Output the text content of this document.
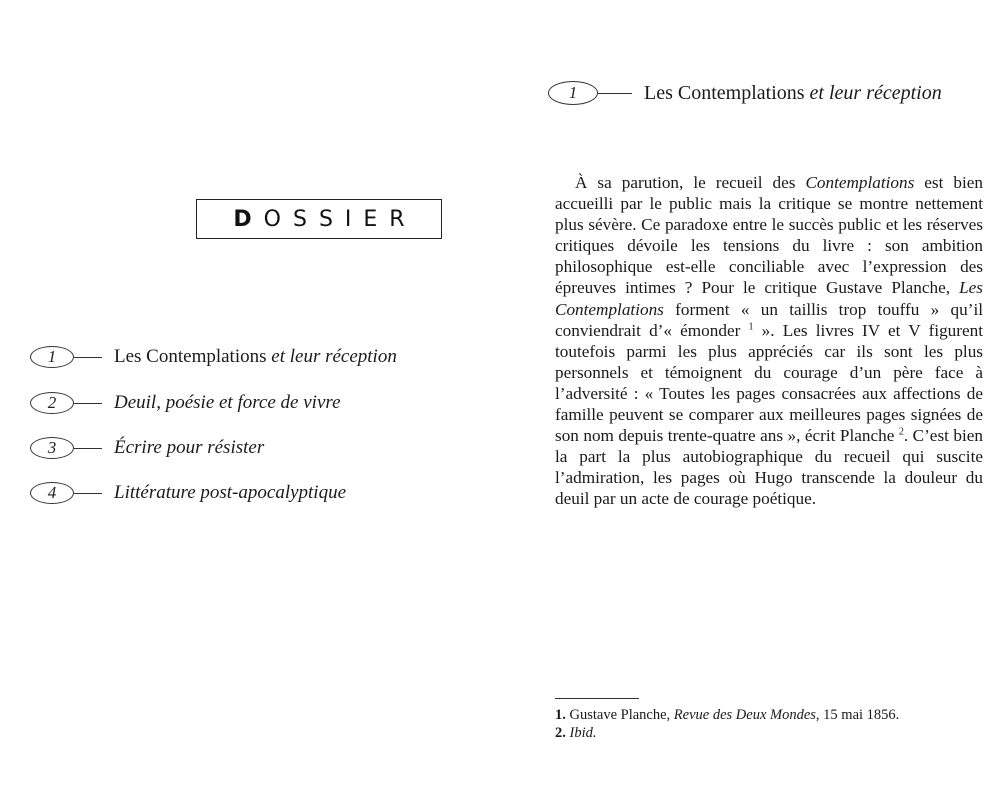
D OSSIER
1	Les Contemplations et leur réception
2	Deuil, poésie et force de vivre
3	Écrire pour résister
4	Littérature post-apocalyptique
1	Les Contemplations et leur réception

À sa parution, le recueil des Contemplations est bien accueilli par le public mais la critique se montre nettement plus sévère. Ce paradoxe entre le succès public et les réserves critiques dévoile les tensions du livre : son ambition philosophique est-elle conciliable avec l’expression des épreuves intimes ? Pour le critique Gustave Planche, Les Contemplations forment « un taillis trop touffu » qu’il conviendrait d’« émonder $^1$ ». Les livres IV et V figurent toutefois parmi les plus appréciés car ils sont les plus personnels et témoignent du courage d’un père face à l’adversité : « Toutes les pages consacrées aux affections de famille peuvent se comparer aux meilleures pages signées de son nom depuis trente-quatre ans », écrit Planche $^2$. C’est bien la part la plus autobiographique du recueil qui suscite l’admiration, les pages où Hugo transcende la douleur du deuil par un acte de courage poétique.

1. Gustave Planche, Revue des Deux Mondes, 15 mai 1856.
2. Ibid.
